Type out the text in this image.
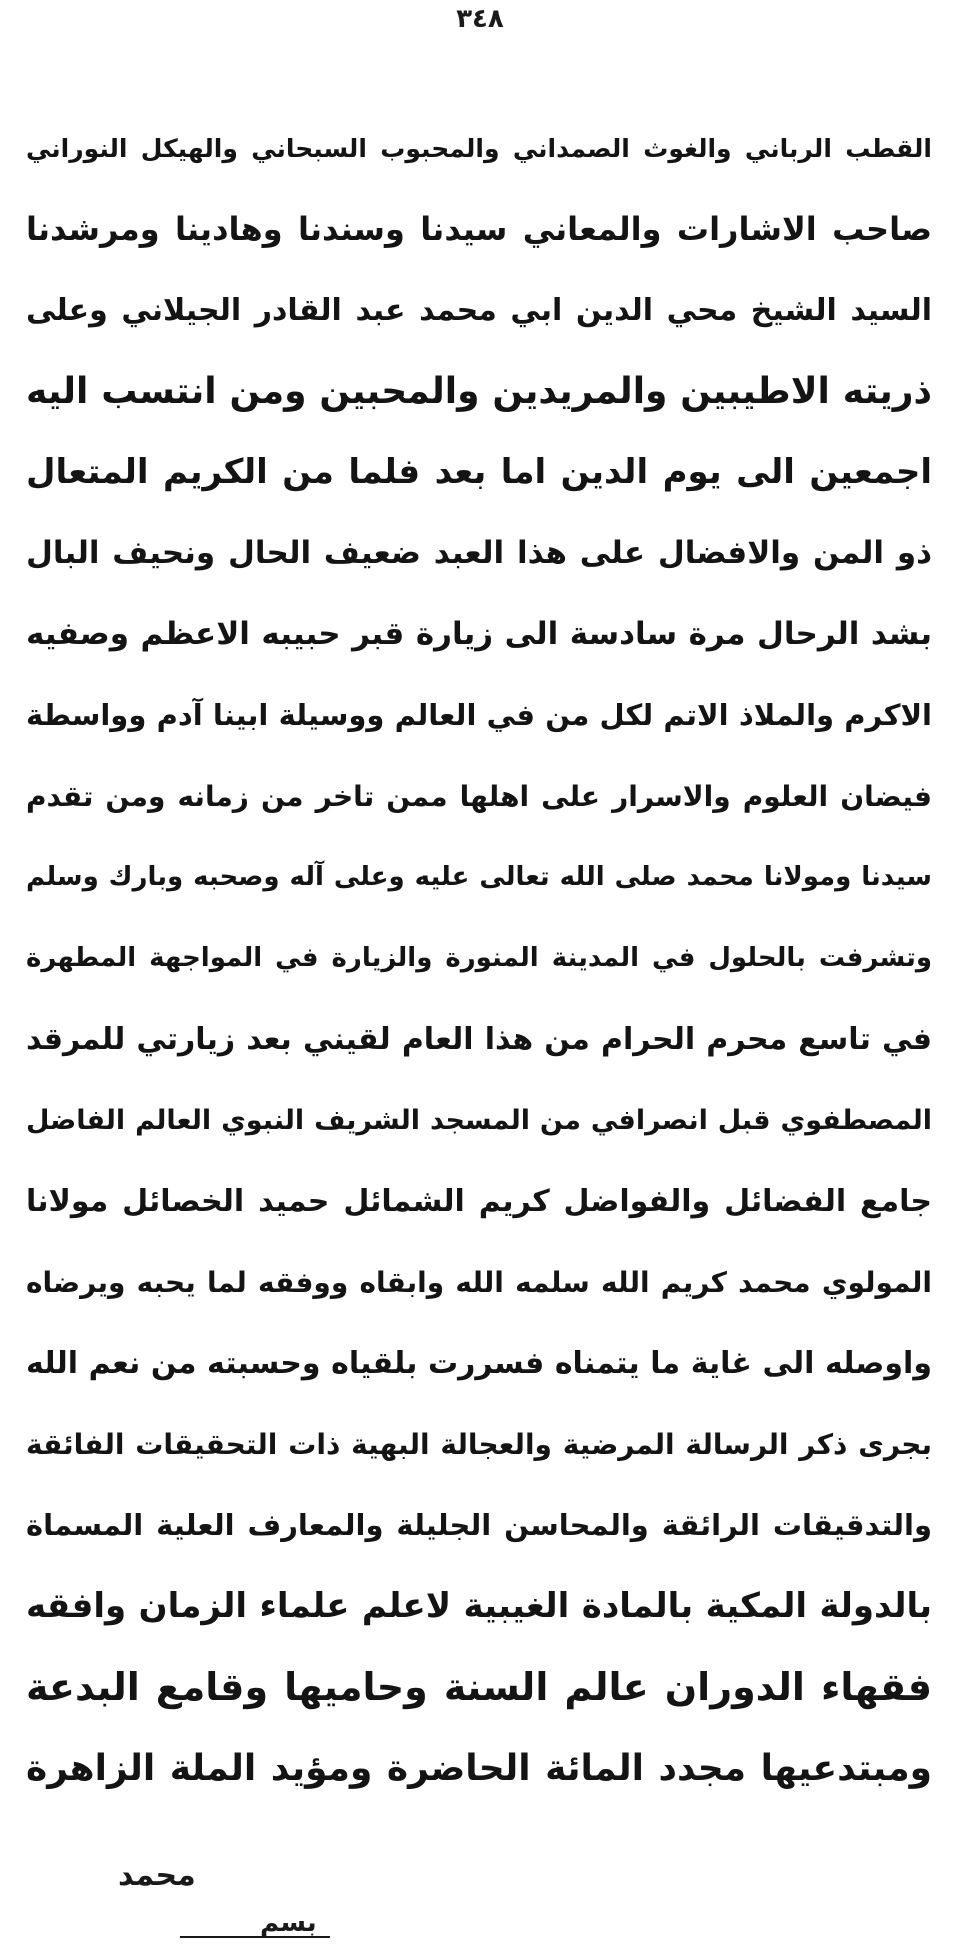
٣٤٨
القطب الرباني والغوث الصمداني والمحبوب السبحاني والهيكل النوراني
صاحب الاشارات والمعاني سيدنا وسندنا وهادينا ومرشدنا
السيد الشيخ محي الدين ابي محمد عبد القادر الجيلاني وعلى
ذريته الاطيبين والمريدين والمحبين ومن انتسب اليه
اجمعين الى يوم الدين اما بعد فلما من الكريم المتعال
ذو المن والافضال على هذا العبد ضعيف الحال ونحيف البال
بشد الرحال مرة سادسة الى زيارة قبر حبيبه الاعظم وصفيه
الاكرم والملاذ الاتم لكل من في العالم ووسيلة ابينا آدم وواسطة
فيضان العلوم والاسرار على اهلها ممن تاخر من زمانه ومن تقدم
سيدنا ومولانا محمد صلى الله تعالى عليه وعلى آله وصحبه وبارك وسلم
وتشرفت بالحلول في المدينة المنورة والزيارة في المواجهة المطهرة
في تاسع محرم الحرام من هذا العام لقيني بعد زيارتي للمرقد
المصطفوي قبل انصرافي من المسجد الشريف النبوي العالم الفاضل
جامع الفضائل والفواضل كريم الشمائل حميد الخصائل مولانا
المولوي محمد كريم الله سلمه الله وابقاه ووفقه لما يحبه ويرضاه
واوصله الى غاية ما يتمناه فسررت بلقياه وحسبته من نعم الله
بجرى ذكر الرسالة المرضية والعجالة البهية ذات التحقيقات الفائقة
والتدقيقات الرائقة والمحاسن الجليلة والمعارف العلية المسماة
بالدولة المكية بالمادة الغيبية لاعلم علماء الزمان وافقه
فقهاء الدوران عالم السنة وحاميها وقامع البدعة
ومبتدعيها مجدد المائة الحاضرة ومؤيد الملة الزاهرة
محمد
بسم
